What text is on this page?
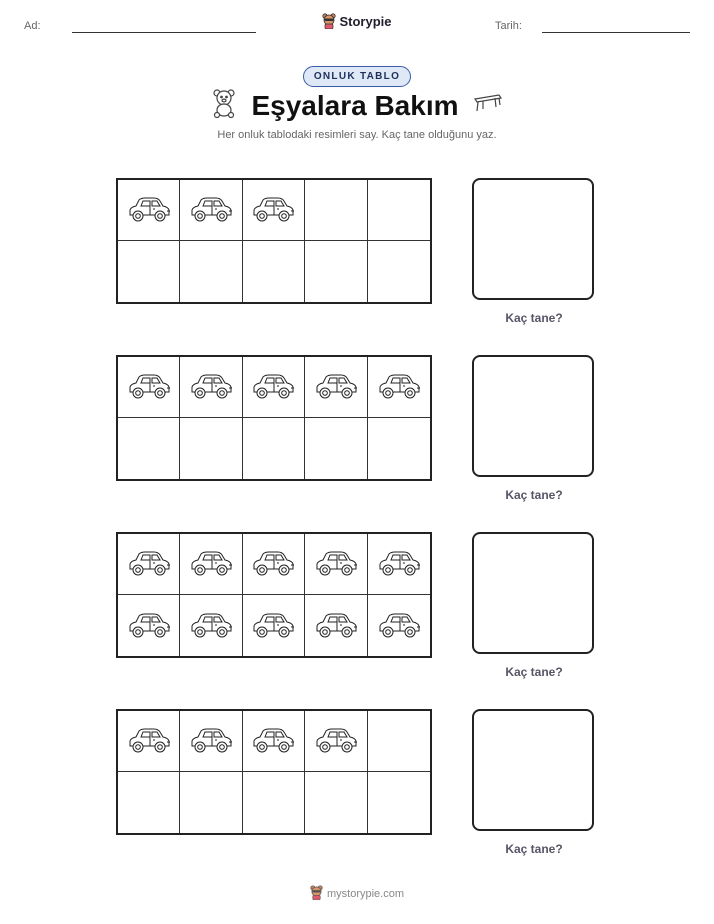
Ad:	Storypie	Tarih:
ONLUK TABLO
Eşyalara Bakım
Her onluk tablodaki resimleri say. Kaç tane olduğunu yaz.
Kaç tane?
Kaç tane?
Kaç tane?
Kaç tane?
mystorypie.com
